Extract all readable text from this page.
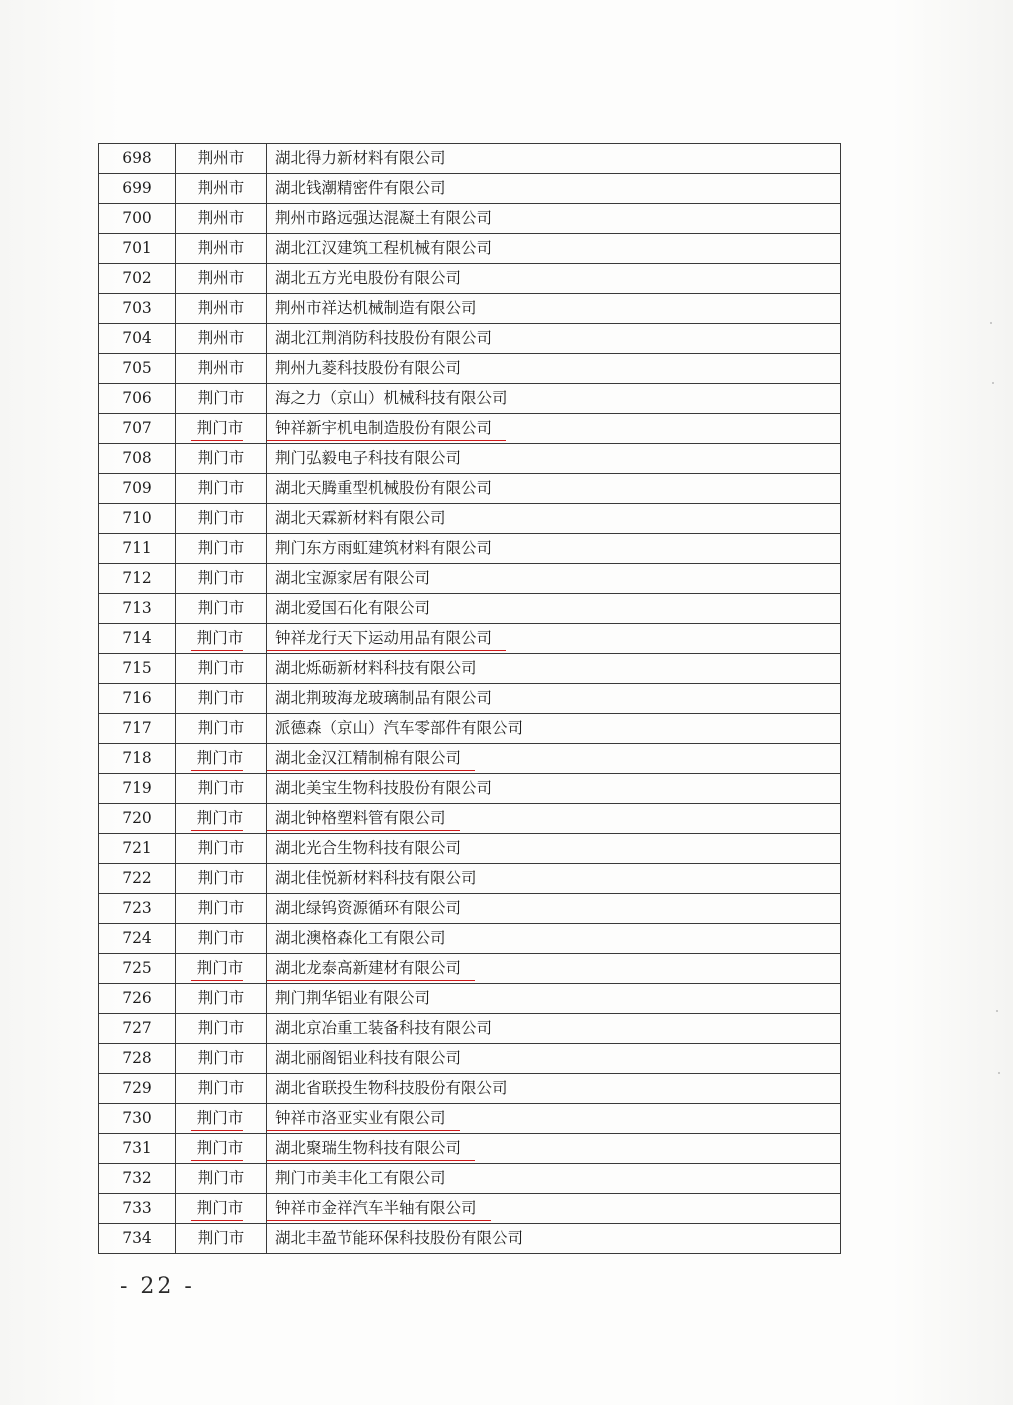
698	荆州市	湖北得力新材料有限公司
699	荆州市	湖北钱潮精密件有限公司
700	荆州市	荆州市路远强达混凝土有限公司
701	荆州市	湖北江汉建筑工程机械有限公司
702	荆州市	湖北五方光电股份有限公司
703	荆州市	荆州市祥达机械制造有限公司
704	荆州市	湖北江荆消防科技股份有限公司
705	荆州市	荆州九菱科技股份有限公司
706	荆门市	海之力（京山）机械科技有限公司
707	荆门市	钟祥新宇机电制造股份有限公司
708	荆门市	荆门弘毅电子科技有限公司
709	荆门市	湖北天腾重型机械股份有限公司
710	荆门市	湖北天霖新材料有限公司
711	荆门市	荆门东方雨虹建筑材料有限公司
712	荆门市	湖北宝源家居有限公司
713	荆门市	湖北爱国石化有限公司
714	荆门市	钟祥龙行天下运动用品有限公司
715	荆门市	湖北烁砺新材料科技有限公司
716	荆门市	湖北荆玻海龙玻璃制品有限公司
717	荆门市	派德森（京山）汽车零部件有限公司
718	荆门市	湖北金汉江精制棉有限公司
719	荆门市	湖北美宝生物科技股份有限公司
720	荆门市	湖北钟格塑料管有限公司
721	荆门市	湖北光合生物科技有限公司
722	荆门市	湖北佳悦新材料科技有限公司
723	荆门市	湖北绿钨资源循环有限公司
724	荆门市	湖北澳格森化工有限公司
725	荆门市	湖北龙泰高新建材有限公司
726	荆门市	荆门荆华铝业有限公司
727	荆门市	湖北京冶重工装备科技有限公司
728	荆门市	湖北丽阁铝业科技有限公司
729	荆门市	湖北省联投生物科技股份有限公司
730	荆门市	钟祥市洛亚实业有限公司
731	荆门市	湖北聚瑞生物科技有限公司
732	荆门市	荆门市美丰化工有限公司
733	荆门市	钟祥市金祥汽车半轴有限公司
734	荆门市	湖北丰盈节能环保科技股份有限公司
- 22 -
